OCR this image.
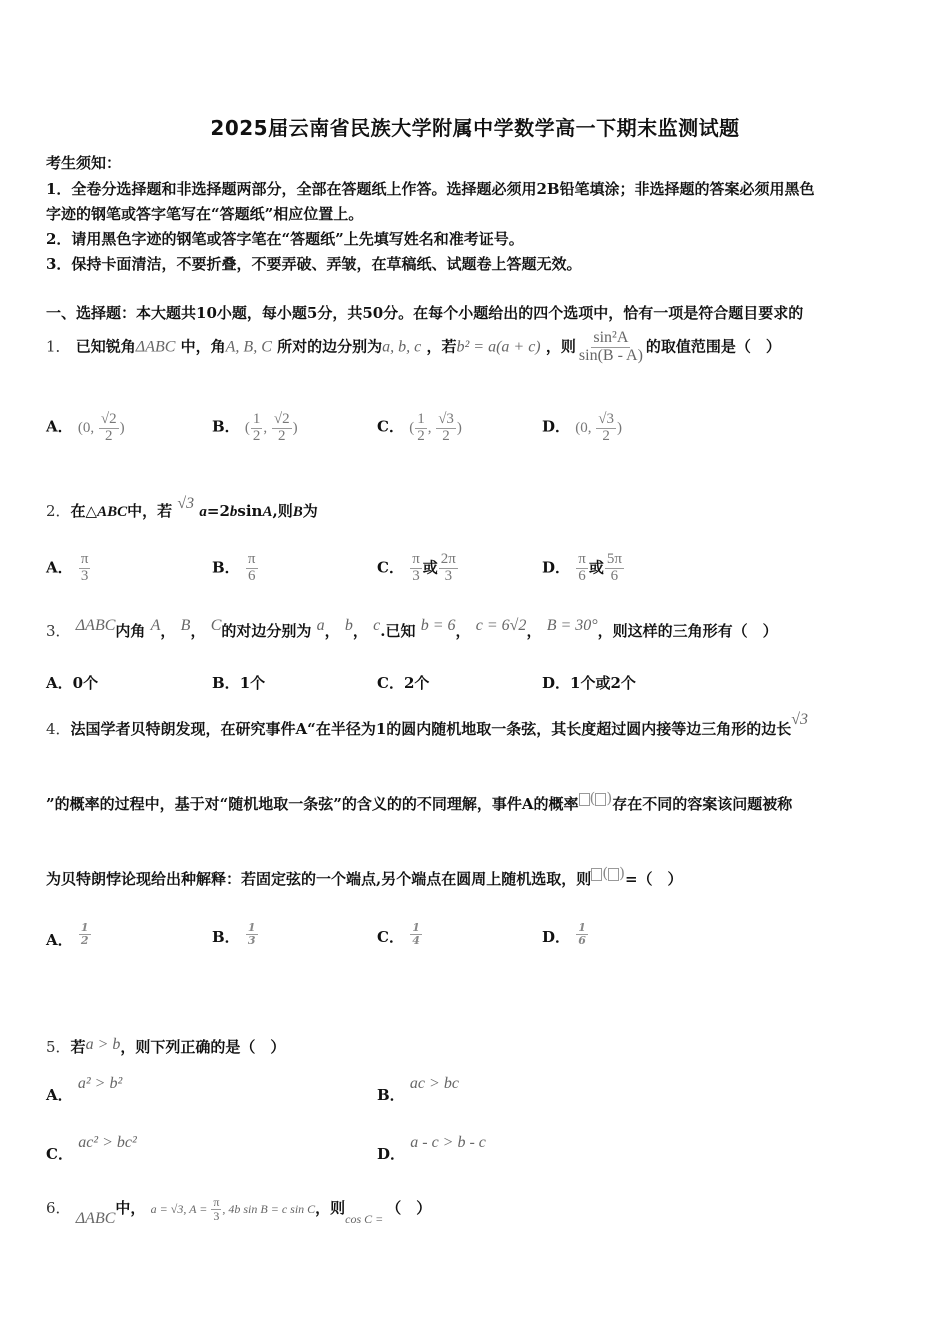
2025届云南省民族大学附属中学数学高一下期末监测试题
考生须知：
1．全卷分选择题和非选择题两部分，全部在答题纸上作答。选择题必须用2B铅笔填涂；非选择题的答案必须用黑色
字迹的钢笔或答字笔写在“答题纸”相应位置上。
2．请用黑色字迹的钢笔或答字笔在“答题纸”上先填写姓名和准考证号。
3．保持卡面清洁，不要折叠，不要弄破、弄皱，在草稿纸、试题卷上答题无效。
一、选择题：本大题共10小题，每小题5分，共50分。在每个小题给出的四个选项中，恰有一项是符合题目要求的
1． 已知锐角ΔABC 中，角A, B, C 所对的边分别为a, b, c ，若b² = a(a + c) ，则 $\frac{\text{sin²A}}{\sin(B - A)}$ 的取值范围是（　）
A． (0, $\frac{√2}{2}$ )	B． ( $\frac{1}{2}$ , $\frac{√2}{2}$ )	C． ( $\frac{1}{2}$ , $\frac{√3}{2}$ )	D． (0, $\frac{√3}{2}$ )
2．在△ABC中，若 √3 a=2bsinA,则B为
A． $\frac{\pi}{3}$	B． $\frac{\pi}{6}$	C． $\frac{\pi}{3}$ 或 $\frac{2\pi}{3}$	D． $\frac{\pi}{6}$ 或 $\frac{5\pi}{6}$
3． ΔABC内角 A， B， C的对边分别为 a， b， c.已知 b = 6， c = 6√2， B = 30°，则这样的三角形有（　）
A．0个	B．1个	C．2个	D．1个或2个
4．法国学者贝特朗发现，在研究事件A“在半径为1的圆内随机地取一条弦，其长度超过圆内接等边三角形的边长√3
”的概率的过程中，基于对“随机地取一条弦”的含义的的不同理解，事件A的概率 ( )存在不同的容案该问题被称
为贝特朗悖论现给出种解释：若固定弦的一个端点,另个端点在圆周上随机选取，则 ( )=（　）
A． $\frac{1}{2}$	B． $\frac{1}{3}$	C． $\frac{1}{4}$	D． $\frac{1}{6}$
5．若a > b，则下列正确的是（　）
A． a² > b²
B． ac > bc
C． ac² > bc²
D． a - c > b - c
6． ΔABC中， a = √3, $A = \frac{\pi}{3}$ , 4b sin B = c sin C，则$_{cos C =}$ （　）
